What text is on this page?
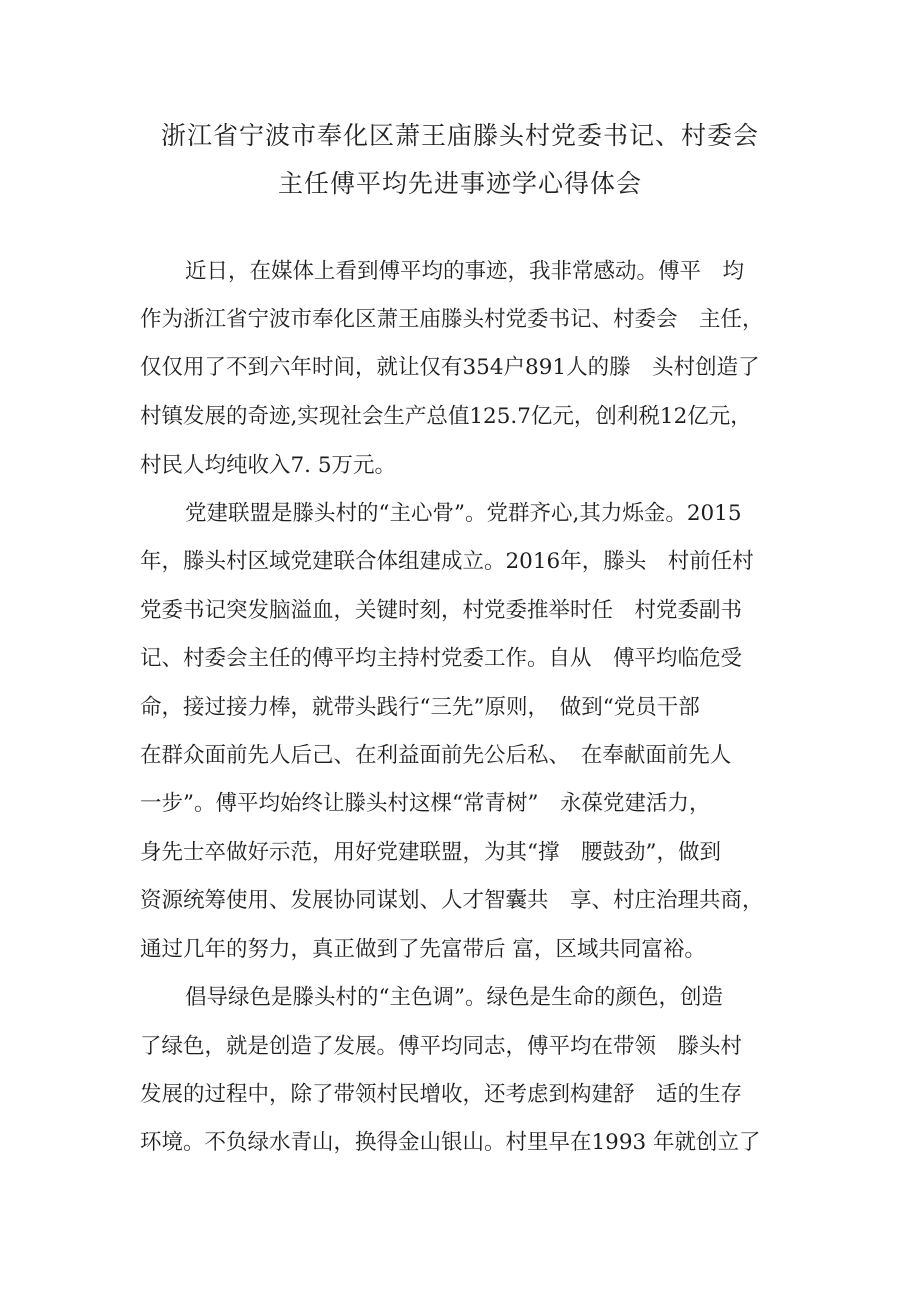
浙江省宁波市奉化区萧王庙滕头村党委书记、村委会
主任傅平均先进事迹学心得体会
近日，在媒体上看到傅平均的事迹，我非常感动。傅平　均
作为浙江省宁波市奉化区萧王庙滕头村党委书记、村委会　主任，
仅仅用了不到六年时间，就让仅有354户891人的滕　头村创造了
村镇发展的奇迹,实现社会生产总值125.7亿元，创利税12亿元，
村民人均纯收入7. 5万元。
党建联盟是滕头村的“主心骨”。党群齐心,其力烁金。2015
年，滕头村区域党建联合体组建成立。2016年，滕头　村前任村
党委书记突发脑溢血，关键时刻，村党委推举时任　村党委副书
记、村委会主任的傅平均主持村党委工作。自从　傅平均临危受
命，接过接力棒，就带头践行“三先”原则，　做到“党员干部
在群众面前先人后己、在利益面前先公后私、　在奉献面前先人
一步”。傅平均始终让滕头村这棵“常青树”　永葆党建活力，
身先士卒做好示范，用好党建联盟，为其“撑　腰鼓劲”，做到
资源统筹使用、发展协同谋划、人才智囊共　享、村庄治理共商，
通过几年的努力，真正做到了先富带后 富，区域共同富裕。
倡导绿色是滕头村的“主色调”。绿色是生命的颜色，创造
了绿色，就是创造了发展。傅平均同志，傅平均在带领　滕头村
发展的过程中，除了带领村民增收，还考虑到构建舒　适的生存
环境。不负绿水青山，换得金山银山。村里早在1993 年就创立了
